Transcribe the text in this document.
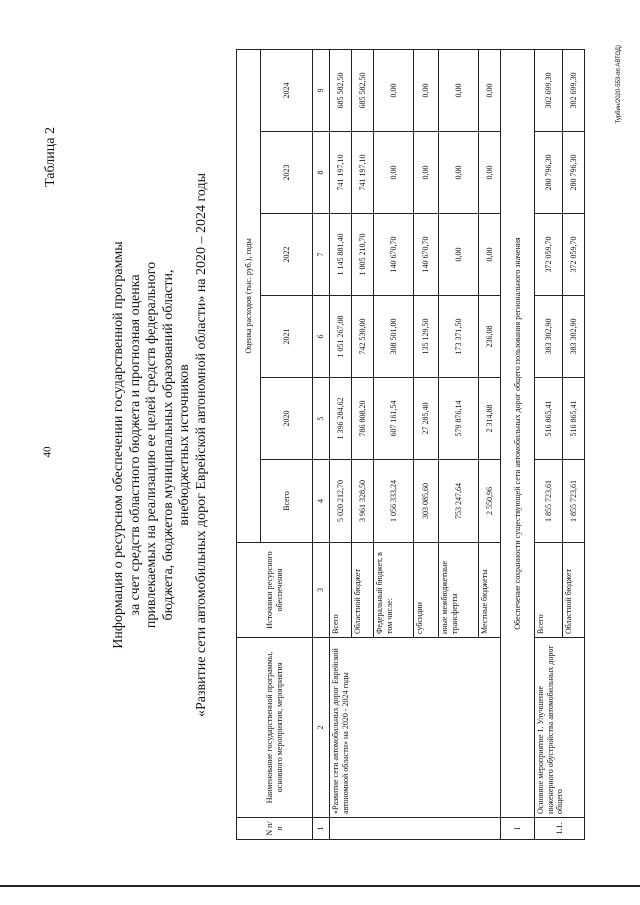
40
Таблица 2
Информация о ресурсном обеспечении государственной программы за счет средств областного бюджета и прогнозная оценка привлекаемых на реализацию ее целей средств федерального бюджета, бюджетов муниципальных образований области, внебюджетных источников «Развитие сети автомобильных дорог Еврейской автономной области» на 2020 – 2024 годы
N п/п	Наименование государственной программы, основного мероприятия, мероприятия	Источники ресурсного обеспечения	Оценка расходов (тыс. руб.), годы					
			Всего	2020	2021	2022	2023	2024
1	2	3	4	5	6	7	8	9
	«Развитие сети автомобильных дорог Еврейской автономной области» на 2020 - 2024 годы	Всего	5 020 212,70	1 396 284,62	1 051 267,08	1 145 881,40	741 197,10	685 582,50
		Областной бюджет	3 961 328,50	786 808,20	742 530,00	1 005 210,70	741 197,10	685 582,50
		Федеральный бюджет, в том числе:	1 056 333,24	607 161,54	308 501,00	140 670,70	0,00	0,00
		субсидии	303 085,60	27 285,40	135 129,50	140 670,70	0,00	0,00
		иные межбюджетные трансферты	753 247,64	579 876,14	173 371,50	0,00	0,00	0,00
		Местные бюджеты	2 550,96	2 314,88	236,08	0,00	0,00	0,00
I	Обеспечение сохранности существующей сети автомобильных дорог общего пользования регионального значения							
1.1.	Основное мероприятие 1. Улучшение инженерного обустройства автомобильных дорог общего	Всего	1 855 723,61	516 865,41	383 302,90	372 059,70	280 796,30	302 699,30
		Областной бюджет	1 855 723,61	516 865,41	383 302,90	372 059,70	280 796,30	302 699,30	Турбин/2020-553-пп АВТОД)
